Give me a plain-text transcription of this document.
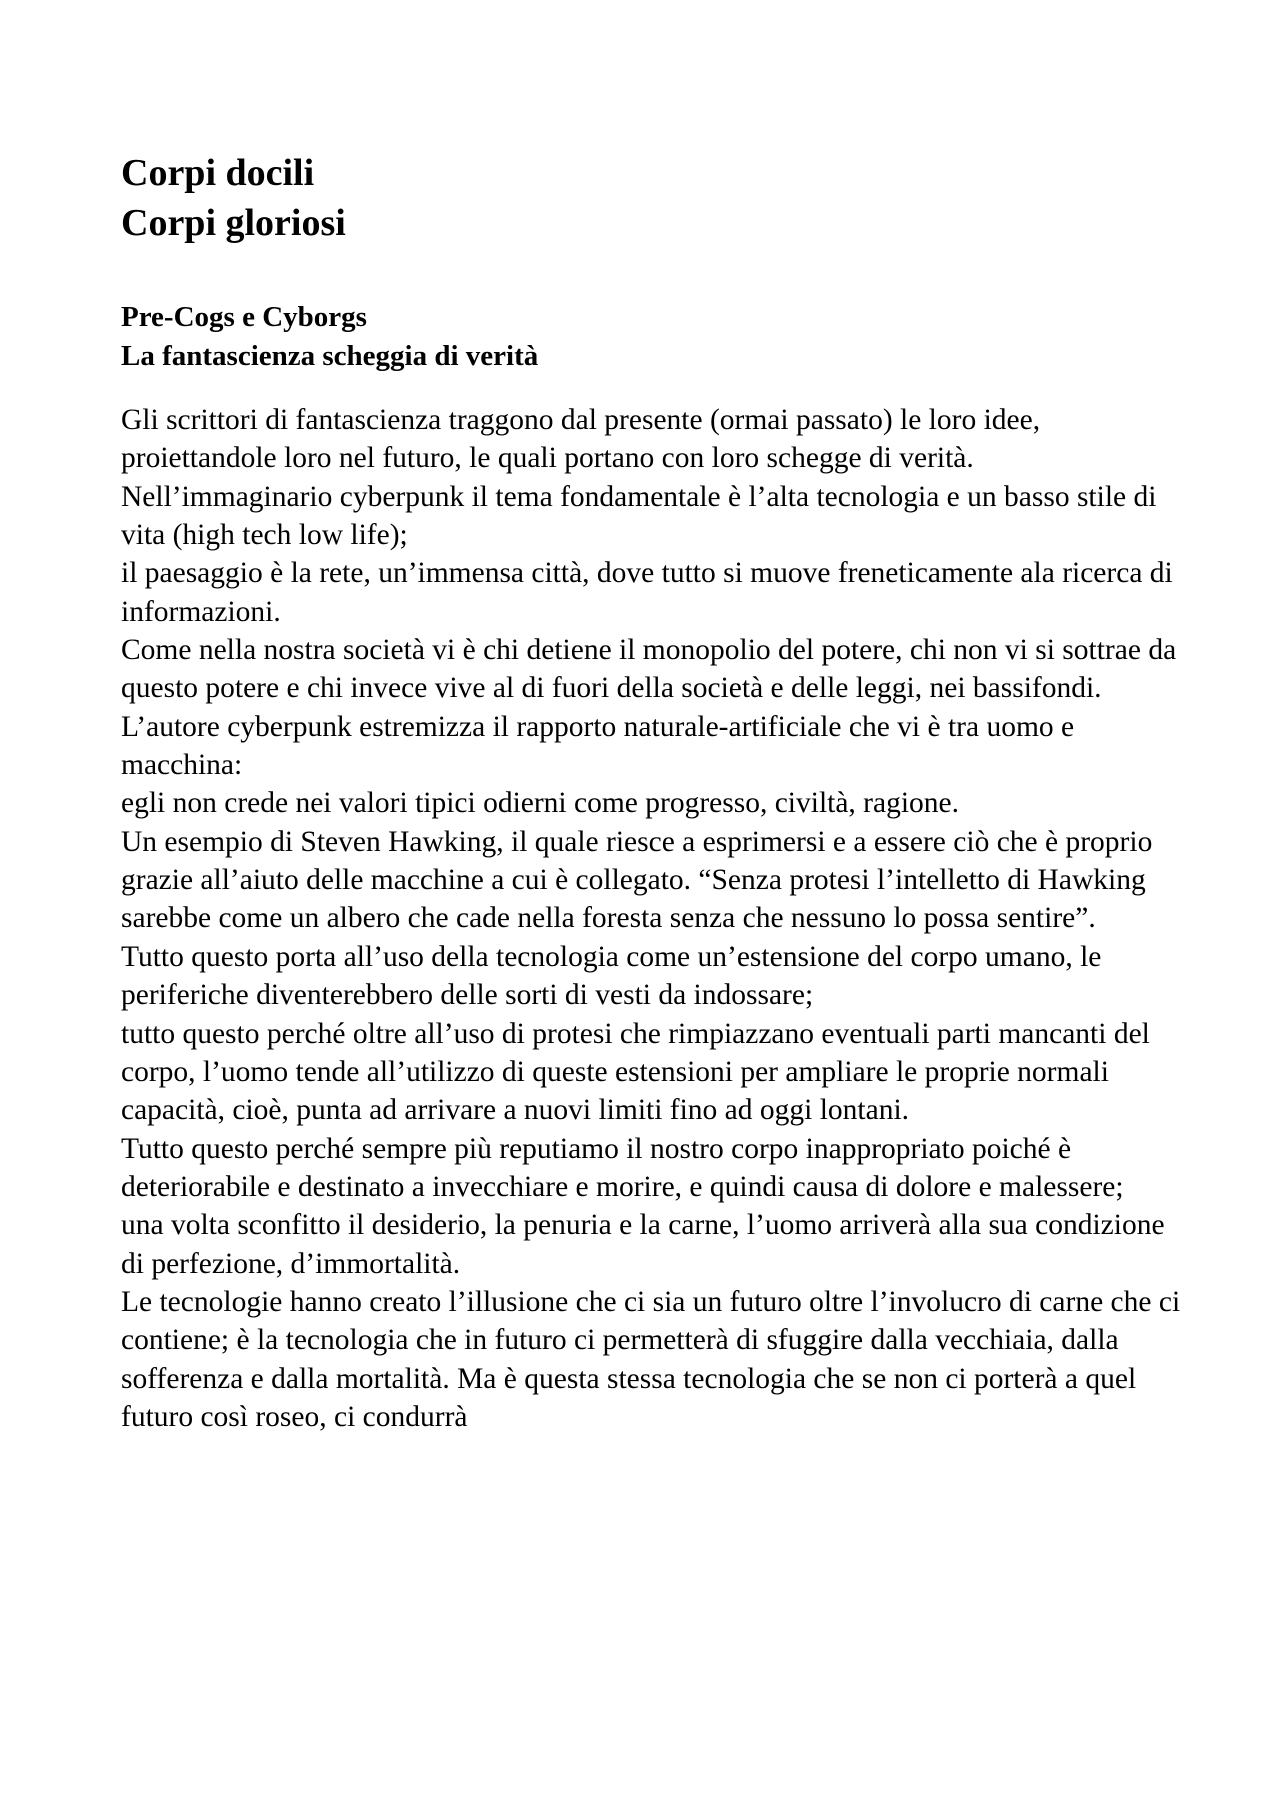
Corpi docili
Corpi gloriosi
Pre-Cogs e Cyborgs
La fantascienza scheggia di verità

Gli scrittori di fantascienza traggono dal presente (ormai passato) le loro idee, proiettandole loro nel futuro, le quali portano con loro schegge di verità.

Nell’immaginario cyberpunk il tema fondamentale è l’alta tecnologia e un basso stile di vita (high tech low life);

il paesaggio è la rete, un’immensa città, dove tutto si muove freneticamente ala ricerca di informazioni.

Come nella nostra società vi è chi detiene il monopolio del potere, chi non vi si sottrae da questo potere e chi invece vive al di fuori della società e delle leggi, nei bassifondi.

L’autore cyberpunk estremizza il rapporto naturale-artificiale che vi è tra uomo e macchina:

egli non crede nei valori tipici odierni come progresso, civiltà, ragione.

Un esempio di Steven Hawking, il quale riesce a esprimersi e a essere ciò che è proprio grazie all’aiuto delle macchine a cui è collegato. “Senza protesi l’intelletto di Hawking sarebbe come un albero che cade nella foresta senza che nessuno lo possa sentire”.

Tutto questo porta all’uso della tecnologia come un’estensione del corpo umano, le periferiche diventerebbero delle sorti di vesti da indossare;

tutto questo perché oltre all’uso di protesi che rimpiazzano eventuali parti mancanti del corpo, l’uomo tende all’utilizzo di queste estensioni per ampliare le proprie normali capacità, cioè, punta ad arrivare a nuovi limiti fino ad oggi lontani.

Tutto questo perché sempre più reputiamo il nostro corpo inappropriato poiché è deteriorabile e destinato a invecchiare e morire, e quindi causa di dolore e malessere;

una volta sconfitto il desiderio, la penuria e la carne, l’uomo arriverà alla sua condizione di perfezione, d’immortalità.

Le tecnologie hanno creato l’illusione che ci sia un futuro oltre l’involucro di carne che ci contiene; è la tecnologia che in futuro ci permetterà di sfuggire dalla vecchiaia, dalla sofferenza e dalla mortalità. Ma è questa stessa tecnologia che se non ci porterà a quel futuro così roseo, ci condurrà
